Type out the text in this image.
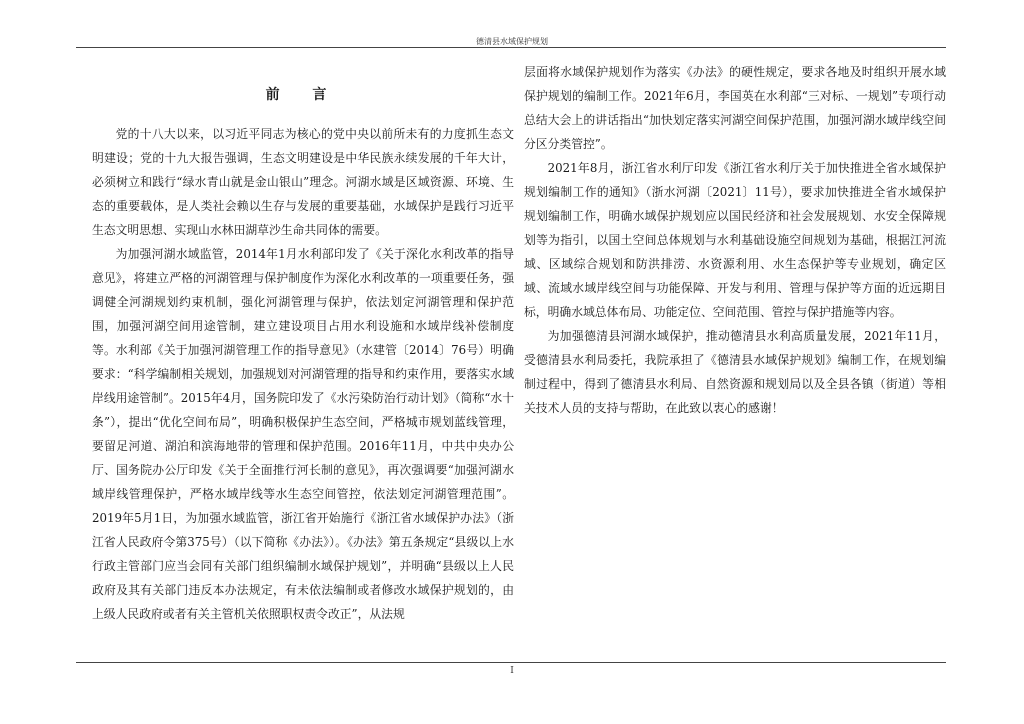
德清县水域保护规划
前 言

党的十八大以来，以习近平同志为核心的党中央以前所未有的力度抓生态文明建设；党的十九大报告强调，生态文明建设是中华民族永续发展的千年大计，必须树立和践行“绿水青山就是金山银山”理念。河湖水域是区域资源、环境、生态的重要载体，是人类社会赖以生存与发展的重要基础，水域保护是践行习近平生态文明思想、实现山水林田湖草沙生命共同体的需要。

为加强河湖水域监管，2014年1月水利部印发了《关于深化水利改革的指导意见》，将建立严格的河湖管理与保护制度作为深化水利改革的一项重要任务，强调健全河湖规划约束机制，强化河湖管理与保护，依法划定河湖管理和保护范围，加强河湖空间用途管制，建立建设项目占用水利设施和水域岸线补偿制度等。水利部《关于加强河湖管理工作的指导意见》（水建管〔2014〕76号）明确要求：“科学编制相关规划，加强规划对河湖管理的指导和约束作用，要落实水域岸线用途管制”。2015年4月，国务院印发了《水污染防治行动计划》（简称“水十条”），提出“优化空间布局”，明确积极保护生态空间，严格城市规划蓝线管理，要留足河道、湖泊和滨海地带的管理和保护范围。2016年11月，中共中央办公厅、国务院办公厅印发《关于全面推行河长制的意见》，再次强调要“加强河湖水域岸线管理保护，严格水域岸线等水生态空间管控，依法划定河湖管理范围”。2019年5月1日，为加强水域监管，浙江省开始施行《浙江省水域保护办法》（浙江省人民政府令第375号）（以下简称《办法》）。《办法》第五条规定“县级以上水行政主管部门应当会同有关部门组织编制水域保护规划”，并明确“县级以上人民政府及其有关部门违反本办法规定，有未依法编制或者修改水域保护规划的，由上级人民政府或者有关主管机关依照职权责令改正”，从法规

层面将水域保护规划作为落实《办法》的硬性规定，要求各地及时组织开展水域保护规划的编制工作。2021年6月，李国英在水利部“三对标、一规划”专项行动总结大会上的讲话指出“加快划定落实河湖空间保护范围，加强河湖水域岸线空间分区分类管控”。

2021年8月，浙江省水利厅印发《浙江省水利厅关于加快推进全省水域保护规划编制工作的通知》（浙水河湖〔2021〕11号），要求加快推进全省水域保护规划编制工作，明确水域保护规划应以国民经济和社会发展规划、水安全保障规划等为指引，以国土空间总体规划与水利基础设施空间规划为基础，根据江河流域、区域综合规划和防洪排涝、水资源利用、水生态保护等专业规划，确定区域、流域水域岸线空间与功能保障、开发与利用、管理与保护等方面的近远期目标，明确水域总体布局、功能定位、空间范围、管控与保护措施等内容。

为加强德清县河湖水域保护，推动德清县水利高质量发展，2021年11月，受德清县水利局委托，我院承担了《德清县水域保护规划》编制工作，在规划编制过程中，得到了德清县水利局、自然资源和规划局以及全县各镇（街道）等相关技术人员的支持与帮助，在此致以衷心的感谢！

I
